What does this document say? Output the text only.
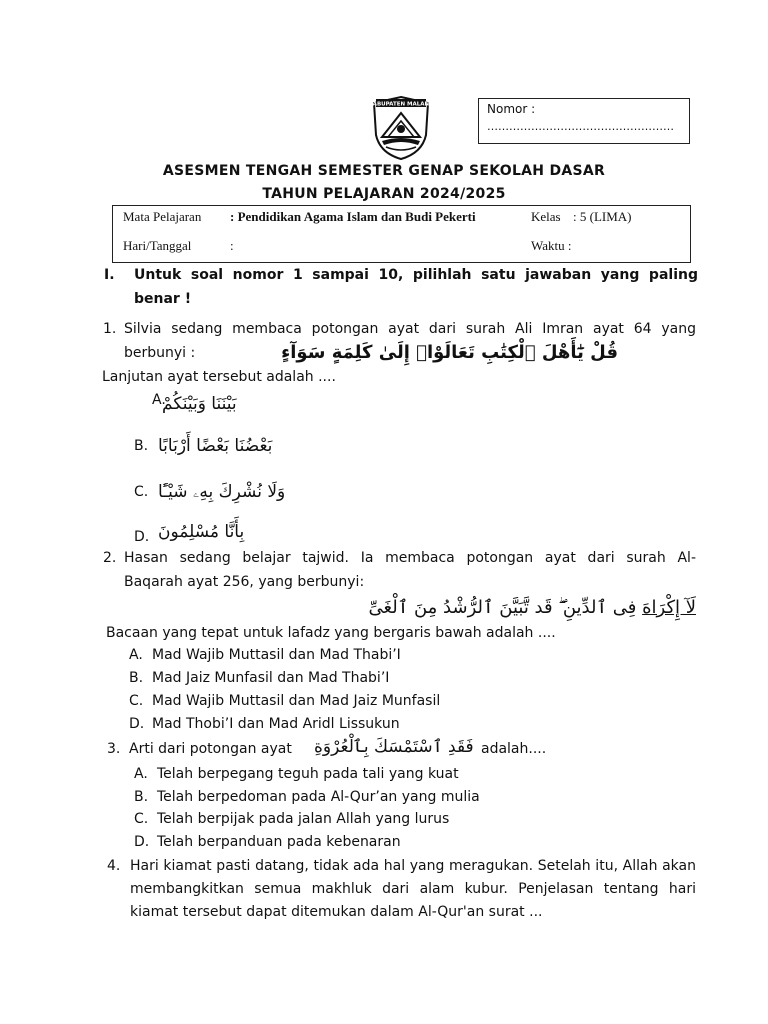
KABUPATEN MALANG	Nomor :
……………………………………………
ASESMEN TENGAH SEMESTER GENAP SEKOLAH DASAR
TAHUN PELAJARAN 2024/2025
Mata Pelajaran : Pendidikan Agama Islam dan Budi Pekerti	Kelas : 5 (LIMA)
Hari/Tanggal	:	Waktu :
I. Untuk soal nomor 1 sampai 10, pilihlah satu jawaban yang paling benar !
1. Silvia sedang membaca potongan ayat dari surah Ali Imran ayat 64 yang
berbunyi :	قُلْ يَٰٓأَهْلَ ٱلْكِتَٰبِ تَعَالَوْا۟ إِلَىٰ كَلِمَةٍ سَوَآءٍ
Lanjutan ayat tersebut adalah ....
A.
بَيْنَنَا وَبَيْنَكُمْ
B. بَعْضُنَا بَعْضًا أَرْبَابًا
C. وَلَا نُشْرِكَ بِهِۦ شَيْـًٔا
D. بِأَنَّا مُسْلِمُونَ
2. Hasan sedang belajar tajwid. Ia membaca potongan ayat dari surah Al-
Baqarah ayat 256, yang berbunyi:
لَآ إِكْرَاهَ فِى ٱلدِّينِ ۖ قَد تَّبَيَّنَ ٱلرُّشْدُ مِنَ ٱلْغَىِّ
Bacaan yang tepat untuk lafadz yang bergaris bawah adalah ....
A. Mad Wajib Muttasil dan Mad Thabi’I
B. Mad Jaiz Munfasil dan Mad Thabi’I
C. Mad Wajib Muttasil dan Mad Jaiz Munfasil
D. Mad Thobi’I dan Mad Aridl Lissukun
3. Arti dari potongan ayat فَقَدِ ٱسْتَمْسَكَ بِٱلْعُرْوَةِ adalah....
A. Telah berpegang teguh pada tali yang kuat
B. Telah berpedoman pada Al-Qur’an yang mulia
C. Telah berpijak pada jalan Allah yang lurus
D. Telah berpanduan pada kebenaran
4. Hari kiamat pasti datang, tidak ada hal yang meragukan. Setelah itu, Allah akan membangkitkan semua makhluk dari alam kubur. Penjelasan tentang hari kiamat tersebut dapat ditemukan dalam Al-Qur'an surat ...
